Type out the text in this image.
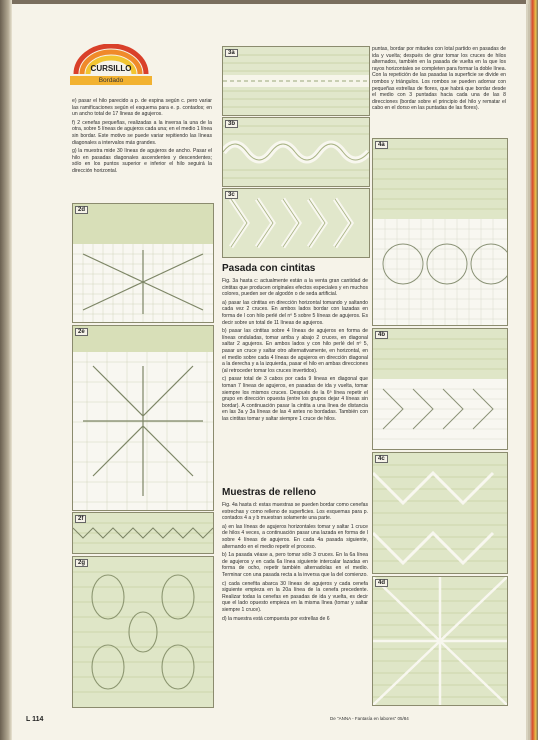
CURSILLO
Bordado

e) pasar el hilo parecido a p. de espina según c. pero variar las ramificaciones según el esquema para e. p. contados; en un ancho total de 17 líneas de agujeros.

f) 2 cenefas pequeñas, realizadas a la inversa la una de la otra, sobre 5 líneas de agujeros cada una; en el medio 1 línea sin bordar. Este motivo se puede variar repitiendo las líneas diagonales a intervalos más grandes.

g) la muestra mide 30 líneas de agujeros de ancho. Pasar el hilo en pasadas diagonales ascendentes y descendentes; sólo en los puntos superior e inferior el hilo seguirá la dirección horizontal.

2d
2e
2f
2g
3a
3b
3c
Pasada con cintitas

Fig. 3a hasta c: actualmente están a la venta gran cantidad de cintitas que producen originales efectos especiales y en muchos colores, pueden ser de algodón o de seda artificial.

a) pasar las cintitas en dirección horizontal tomando y saltando cada vez 2 cruces. En ambos lados bordar con lazadas en forma de l con hilo perlé del nº 5 sobre 5 líneas de agujeros. Es decir sobre un total de 11 líneas de agujeros.

b) pasar las cintitas sobre 4 líneas de agujeros en forma de líneas onduladas, tomar arriba y abajo 2 cruces, en diagonal saltar 2 agujeros. En ambos lados y con hilo perlé del nº 5, pasar un cruce y saltar otro alternativamente, en horizontal, en el medio sobre cada 4 líneas de agujeros en dirección diagonal a la derecha y a la izquierda, pasar el hilo en ambas direcciones (al retroceder tomar los cruces invertidos).

c) pasar total de 3 cabos por cada 9 líneas en diagonal que toman 7 líneas de agujeros, en pasadas de ida y vuelta, tomar siempre los mismos cruces. Después de la 6ª línea repetir el grupo en dirección opuesta (entre los grupos dejar 4 líneas sin bordar). A continuación pasar la cintita a una línea de distancia en las 3a y 3a líneas de las 4 antes no bordadas. También con las cintitas tomar y saltar siempre 1 cruce de hilos.

Muestras de relleno

Fig. 4a hasta d: estas muestras se pueden bordar como cenefas estrechas y como relleno de superficies. Los esquemas para p. contados 4 a y b muestran solamente una parte.

a) en las líneas de agujeros horizontales tomar y saltar 1 cruce de hilos 4 veces, a continuación pasar una lazada en forma de l sobre 4 líneas de agujeros. En cada 4a pasada siguiente, alternando en el medio repetir el proceso.

b) 1a pasada véase a, pero tomar sólo 3 cruces. En la 6a línea de agujeros y en cada 6a línea siguiente intercalar lazadas en forma de ocho, repetir también alternadolas en el medio. Terminar con una pasada recta a la inversa que la del comienzo.

c) cada cenefita abarca 30 líneas de agujeros y cada cenefa siguiente empieza en la 20a línea de la cenefa precedente. Realizar todas la cenefas en pasadas de ida y vuelta, es decir que el lado opuesto empieza en la misma línea (tomar y saltar siempre 1 cruce).

d) la muestra está compuesta por estrellas de 6

puntas, bordar por mitades con lotal partido en pasadas de ida y vuelta; después de girar tomar los cruces de hilos alternados, también en la pasada de vuelta en la que los rayos horizontales se completen para formar la doble línea. Con la repetición de las pasadas la superficie se divide en rombos y triángulos. Los rombos se pueden adornar con pequeñas estrellas de flores, que habrá que bordar desde el medio con 3 puntadas hacia cada una de las 8 direcciones (bordar sobre el principio del hilo y rematar el cabo en el dorso en las puntadas de las flores).

4a
4b
4c
4d
L 114	De "ANNA - Fantasía en labores" 05/84
